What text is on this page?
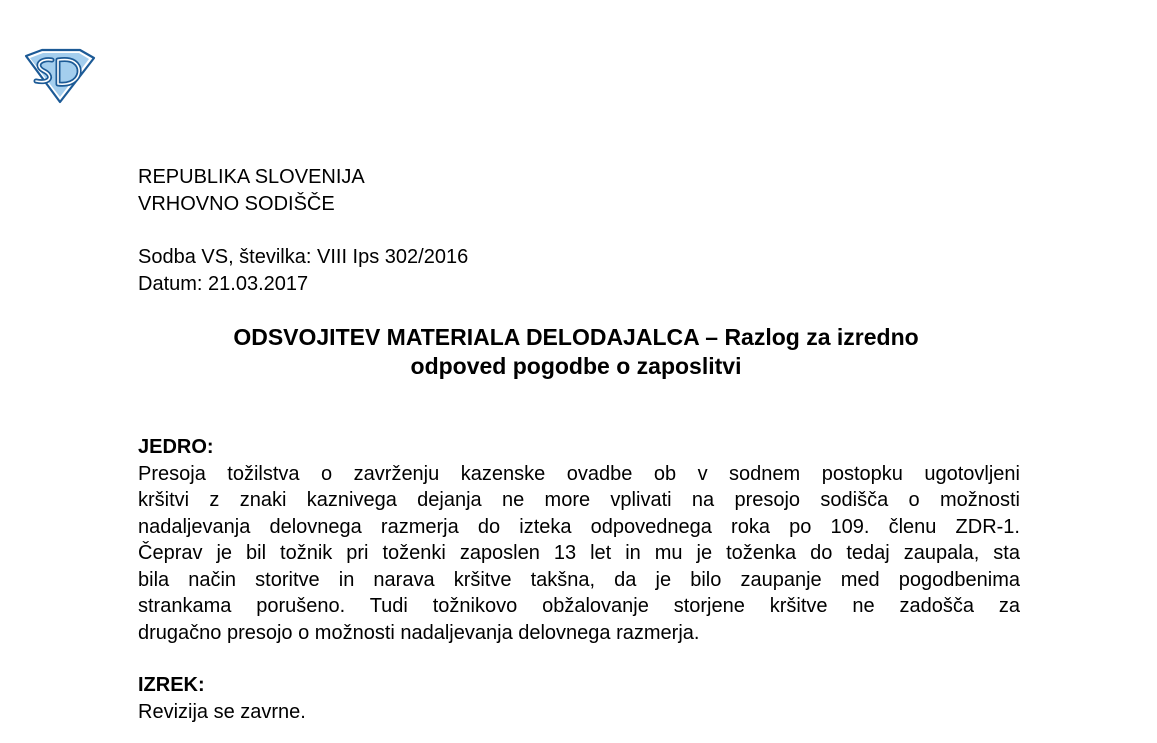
REPUBLIKA SLOVENIJA
VRHOVNO SODIŠČE
Sodba VS, številka: VIII Ips 302/2016
Datum: 21.03.2017
ODSVOJITEV MATERIALA DELODAJALCA – Razlog za izredno
odpoved pogodbe o zaposlitvi
JEDRO:
Presoja tožilstva o zavrženju kazenske ovadbe ob v sodnem postopku ugotovljeni
kršitvi z znaki kaznivega dejanja ne more vplivati na presojo sodišča o možnosti
nadaljevanja delovnega razmerja do izteka odpovednega roka po 109. členu ZDR-1.
Čeprav je bil tožnik pri toženki zaposlen 13 let in mu je toženka do tedaj zaupala, sta
bila način storitve in narava kršitve takšna, da je bilo zaupanje med pogodbenima
strankama porušeno. Tudi tožnikovo obžalovanje storjene kršitve ne zadošča za
drugačno presojo o možnosti nadaljevanja delovnega razmerja.
IZREK:
Revizija se zavrne.
